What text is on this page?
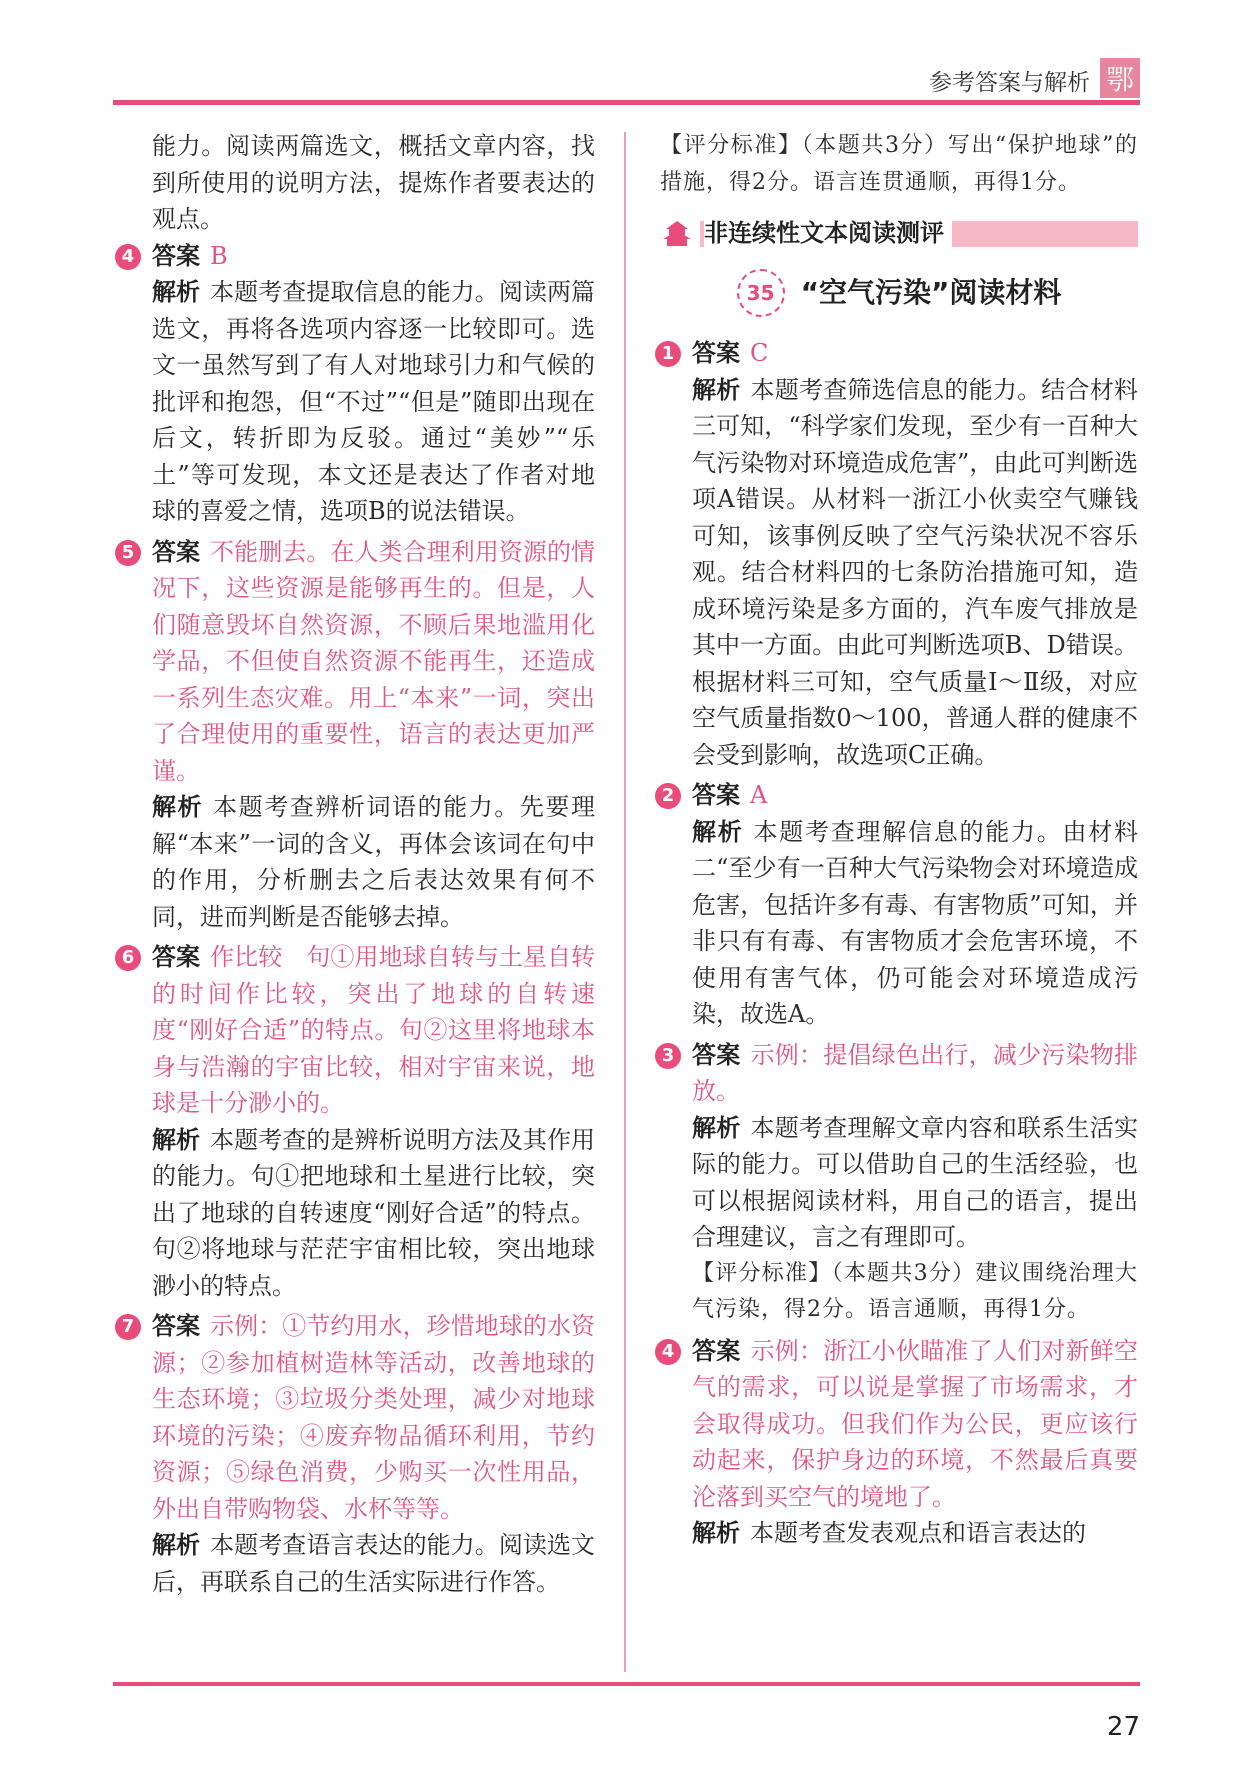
参考答案与解析 鄂

能力。阅读两篇选文，概括文章内容，找到所使用的说明方法，提炼作者要表达的观点。

4 答案 B

解析 本题考查提取信息的能力。阅读两篇选文，再将各选项内容逐一比较即可。选文一虽然写到了有人对地球引力和气候的批评和抱怨，但“不过”“但是”随即出现在后文，转折即为反驳。通过“美妙”“乐土”等可发现，本文还是表达了作者对地球的喜爱之情，选项B的说法错误。

5 答案 不能删去。在人类合理利用资源的情况下，这些资源是能够再生的。但是，人们随意毁坏自然资源，不顾后果地滥用化学品，不但使自然资源不能再生，还造成一系列生态灾难。用上“本来”一词，突出了合理使用的重要性，语言的表达更加严谨。

解析 本题考查辨析词语的能力。先要理解“本来”一词的含义，再体会该词在句中的作用，分析删去之后表达效果有何不同，进而判断是否能够去掉。

6 答案 作比较　句①用地球自转与土星自转的时间作比较，突出了地球的自转速度“刚好合适”的特点。句②这里将地球本身与浩瀚的宇宙比较，相对宇宙来说，地球是十分渺小的。

解析 本题考查的是辨析说明方法及其作用的能力。句①把地球和土星进行比较，突出了地球的自转速度“刚好合适”的特点。句②将地球与茫茫宇宙相比较，突出地球渺小的特点。

7 答案 示例：①节约用水，珍惜地球的水资源；②参加植树造林等活动，改善地球的生态环境；③垃圾分类处理，减少对地球环境的污染；④废弃物品循环利用，节约资源；⑤绿色消费，少购买一次性用品，外出自带购物袋、水杯等等。

解析 本题考查语言表达的能力。阅读选文后，再联系自己的生活实际进行作答。

【评分标准】（本题共3分）写出“保护地球”的措施，得2分。语言连贯通顺，再得1分。

非连续性文本阅读测评
35 “空气污染”阅读材料
1 答案 C

解析 本题考查筛选信息的能力。结合材料三可知，“科学家们发现，至少有一百种大气污染物对环境造成危害”，由此可判断选项A错误。从材料一浙江小伙卖空气赚钱可知，该事例反映了空气污染状况不容乐观。结合材料四的七条防治措施可知，造成环境污染是多方面的，汽车废气排放是其中一方面。由此可判断选项B、D错误。根据材料三可知，空气质量Ⅰ～Ⅱ级，对应空气质量指数0～100，普通人群的健康不会受到影响，故选项C正确。

2 答案 A

解析 本题考查理解信息的能力。由材料二“至少有一百种大气污染物会对环境造成危害，包括许多有毒、有害物质”可知，并非只有有毒、有害物质才会危害环境，不使用有害气体，仍可能会对环境造成污染，故选A。

3 答案 示例：提倡绿色出行，减少污染物排放。

解析 本题考查理解文章内容和联系生活实际的能力。可以借助自己的生活经验，也可以根据阅读材料，用自己的语言，提出合理建议，言之有理即可。

【评分标准】（本题共3分）建议围绕治理大气污染，得2分。语言通顺，再得1分。

4 答案 示例：浙江小伙瞄准了人们对新鲜空气的需求，可以说是掌握了市场需求，才会取得成功。但我们作为公民，更应该行动起来，保护身边的环境，不然最后真要沦落到买空气的境地了。

解析 本题考查发表观点和语言表达的

27
